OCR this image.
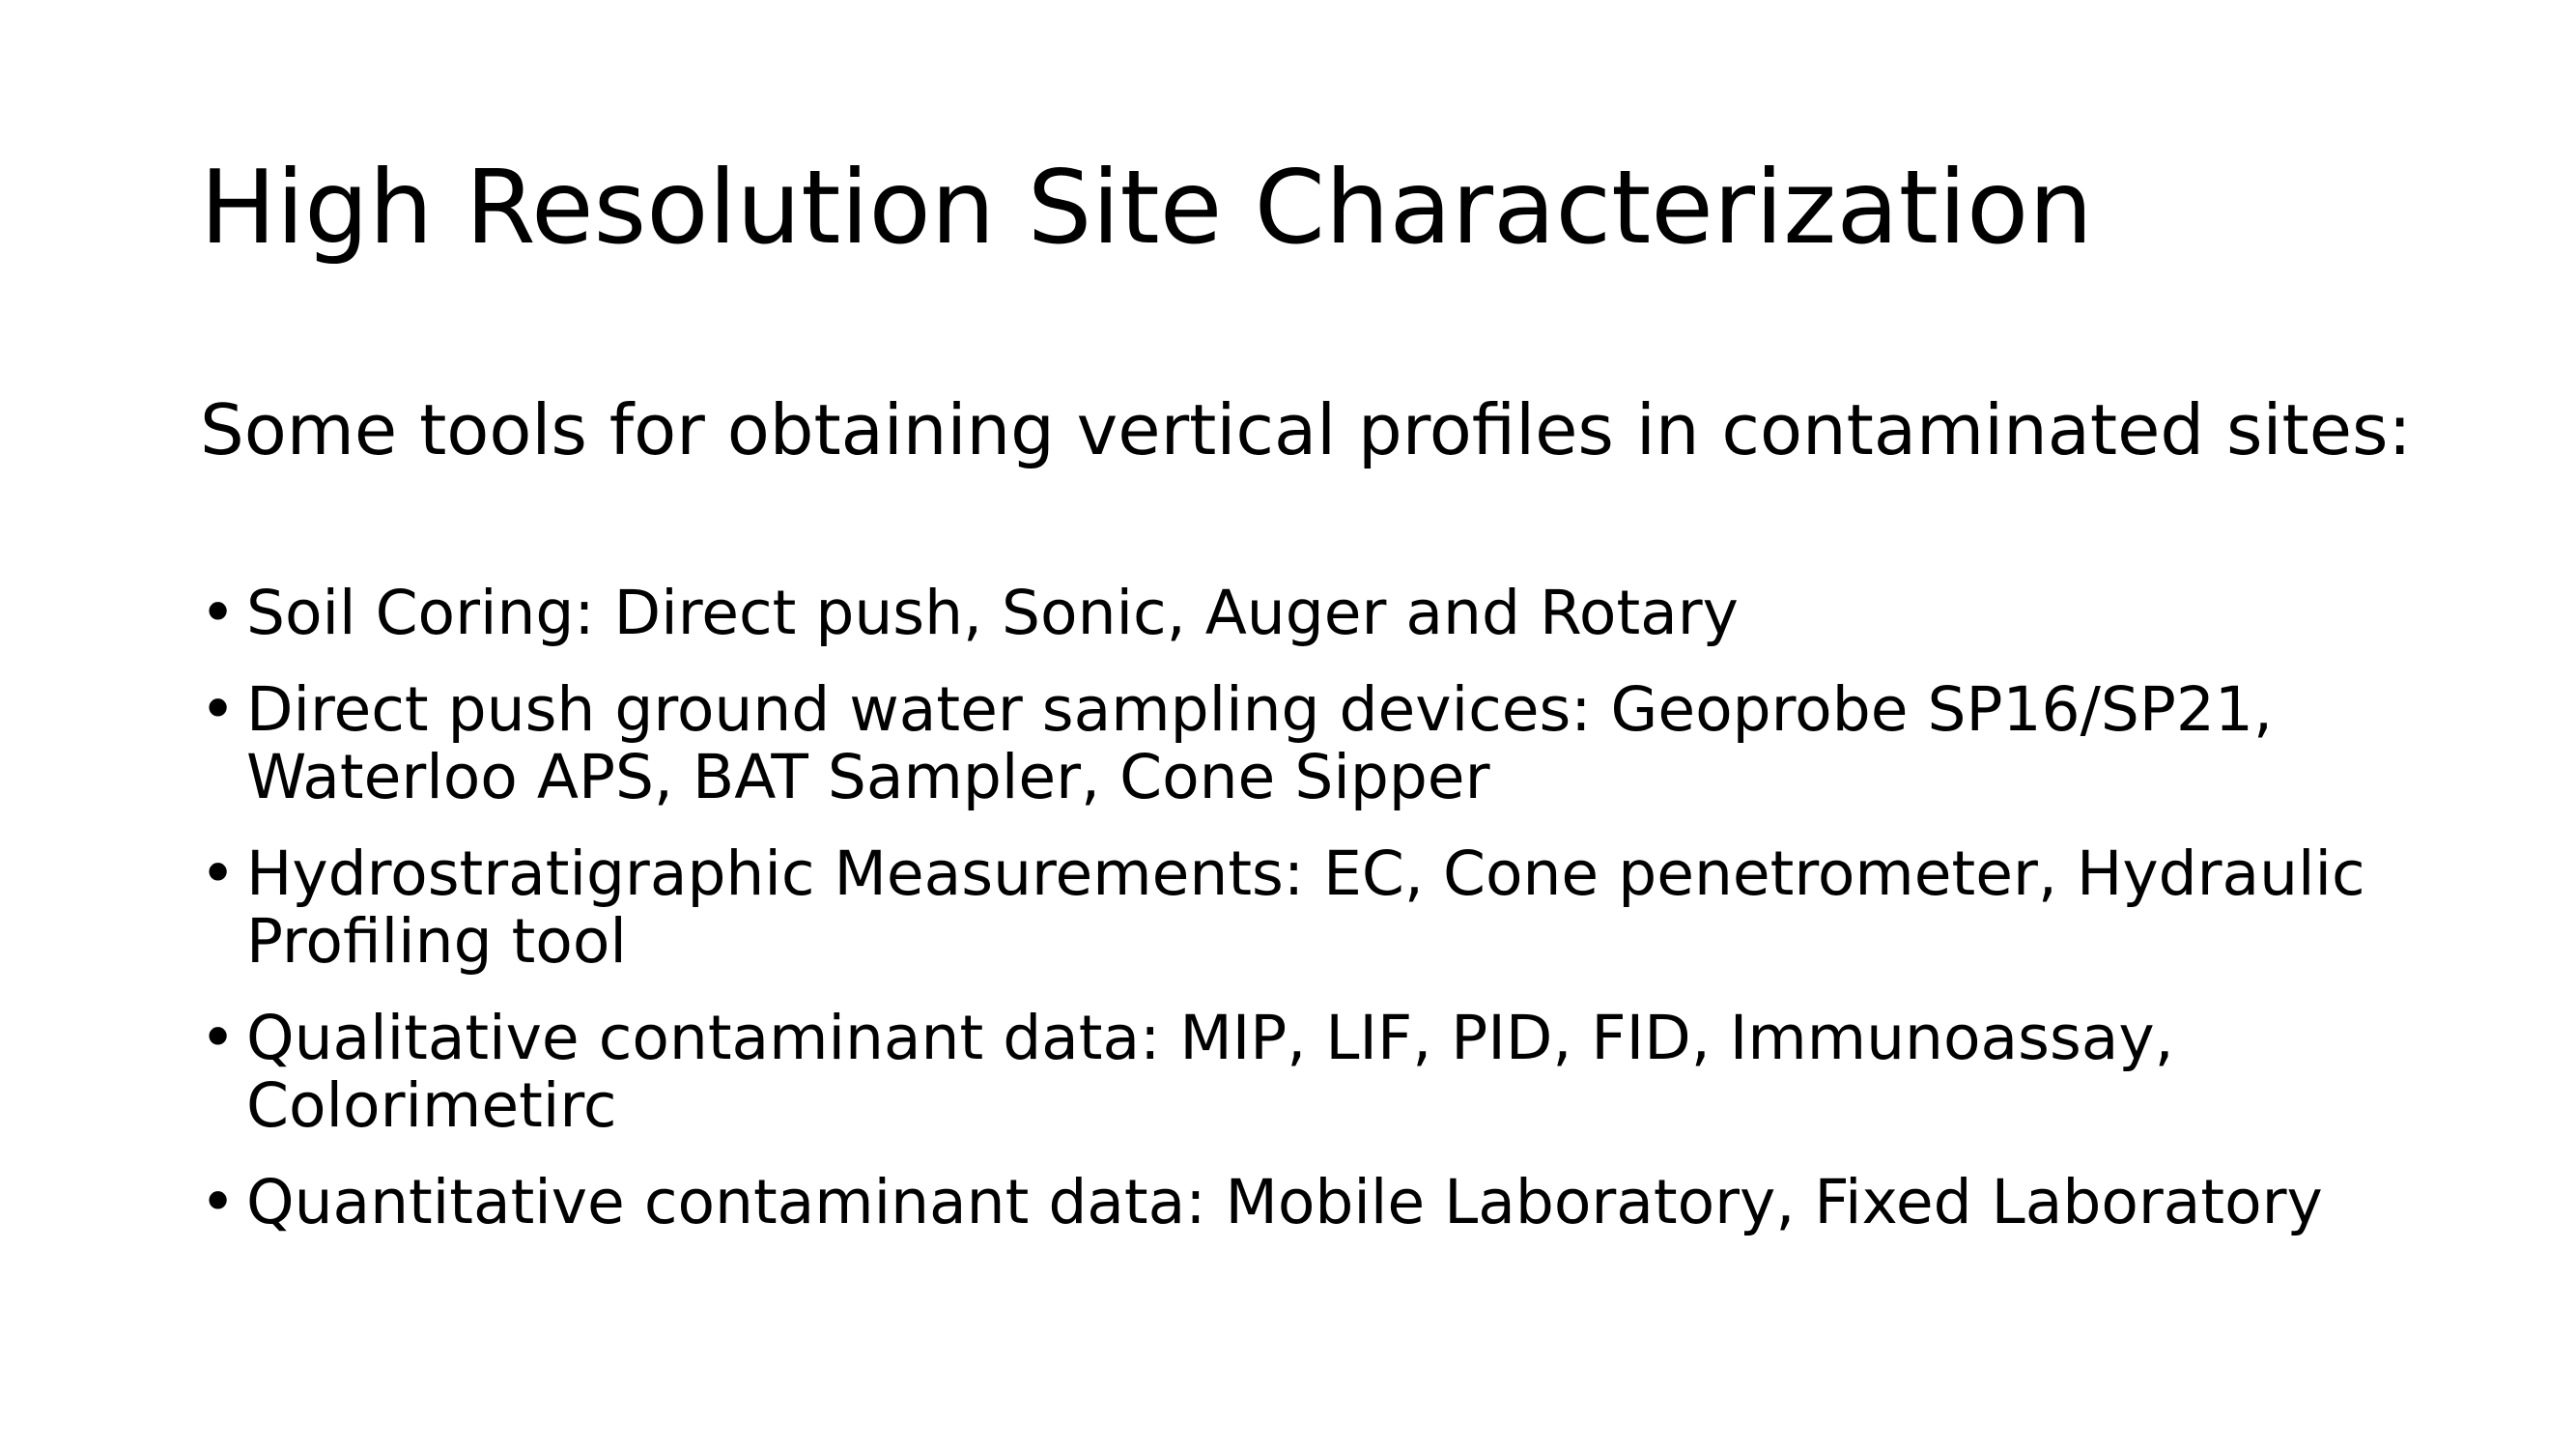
High Resolution Site Characterization

Some tools for obtaining vertical profiles in contaminated sites:

• Soil Coring: Direct push, Sonic, Auger and Rotary
• Direct push ground water sampling devices: Geoprobe SP16/SP21, Waterloo APS, BAT Sampler, Cone Sipper
• Hydrostratigraphic Measurements: EC, Cone penetrometer, Hydraulic Profiling tool
• Qualitative contaminant data: MIP, LIF, PID, FID, Immunoassay, Colorimetirc
• Quantitative contaminant data: Mobile Laboratory, Fixed Laboratory
